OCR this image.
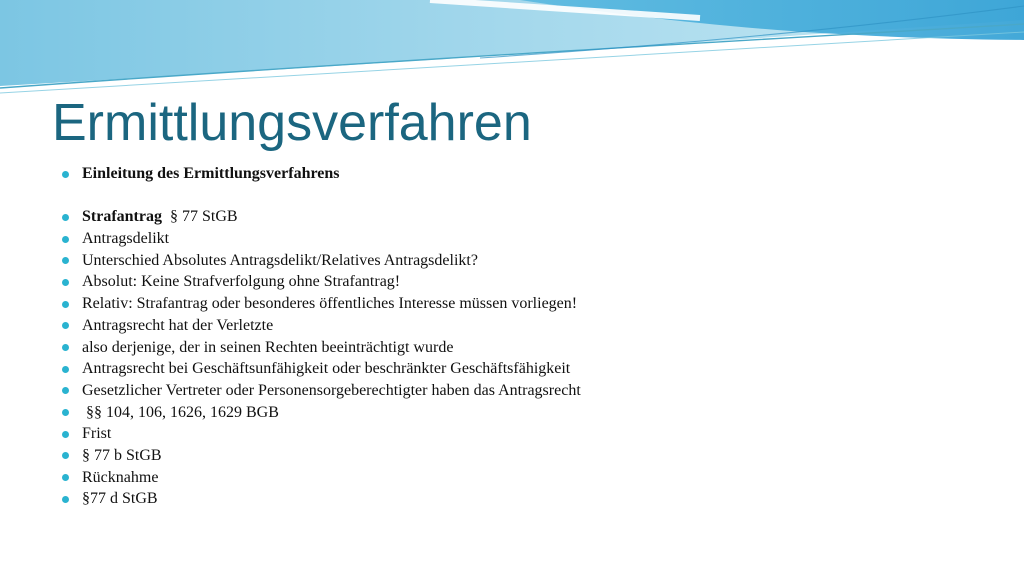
Ermittlungsverfahren
Einleitung des Ermittlungsverfahrens
Strafantrag  § 77 StGB
Antragsdelikt
Unterschied Absolutes Antragsdelikt/Relatives Antragsdelikt?
Absolut: Keine Strafverfolgung ohne Strafantrag!
Relativ: Strafantrag oder besonderes öffentliches Interesse müssen vorliegen!
Antragsrecht hat der Verletzte
also derjenige, der in seinen Rechten beeinträchtigt wurde
Antragsrecht bei Geschäftsunfähigkeit oder beschränkter Geschäftsfähigkeit
Gesetzlicher Vertreter oder Personensorgeberechtigter haben das Antragsrecht
§§ 104, 106, 1626, 1629 BGB
Frist
§ 77 b StGB
Rücknahme
§77 d StGB
